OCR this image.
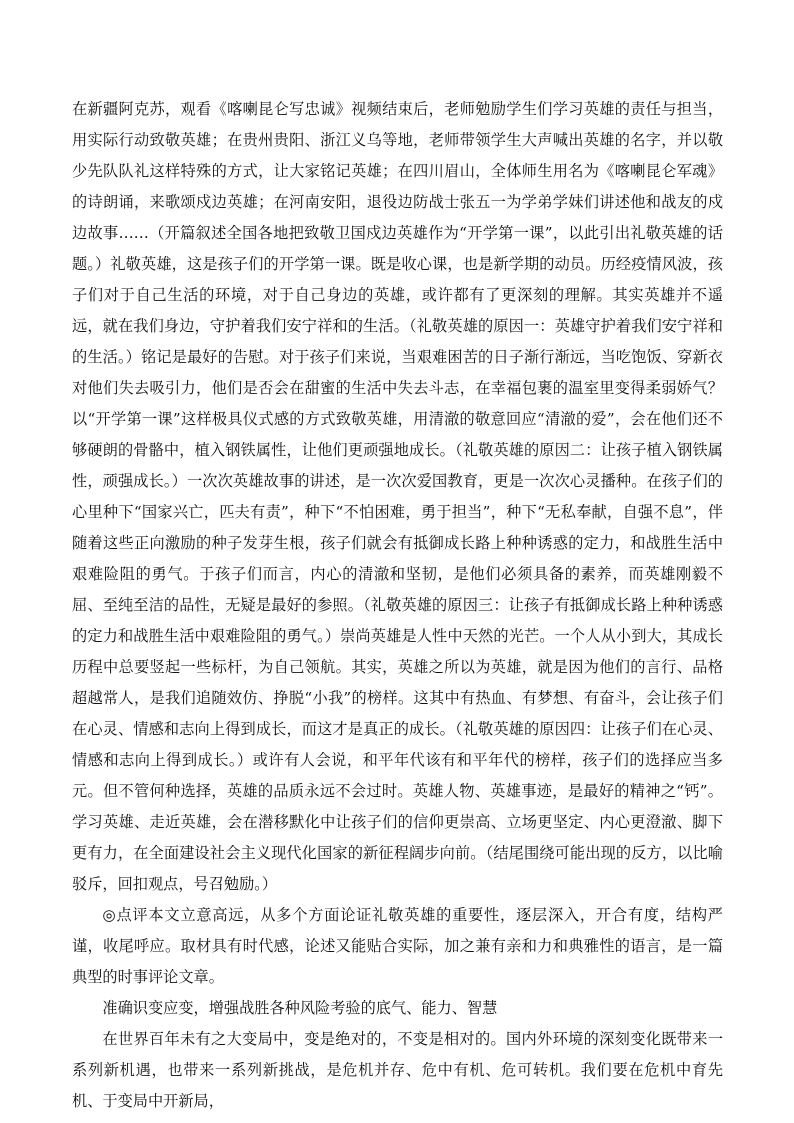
在新疆阿克苏，观看《喀喇昆仑写忠诚》视频结束后，老师勉励学生们学习英雄的责任与担当，用实际行动致敬英雄；在贵州贵阳、浙江义乌等地，老师带领学生大声喊出英雄的名字，并以敬少先队队礼这样特殊的方式，让大家铭记英雄；在四川眉山，全体师生用名为《喀喇昆仑军魂》的诗朗诵，来歌颂戍边英雄；在河南安阳，退役边防战士张五一为学弟学妹们讲述他和战友的戍边故事……（开篇叙述全国各地把致敬卫国戍边英雄作为“开学第一课”，以此引出礼敬英雄的话题。）礼敬英雄，这是孩子们的开学第一课。既是收心课，也是新学期的动员。历经疫情风波，孩子们对于自己生活的环境，对于自己身边的英雄，或许都有了更深刻的理解。其实英雄并不遥远，就在我们身边，守护着我们安宁祥和的生活。（礼敬英雄的原因一：英雄守护着我们安宁祥和的生活。）铭记是最好的告慰。对于孩子们来说，当艰难困苦的日子渐行渐远，当吃饱饭、穿新衣对他们失去吸引力，他们是否会在甜蜜的生活中失去斗志，在幸福包裹的温室里变得柔弱娇气？以“开学第一课”这样极具仪式感的方式致敬英雄，用清澈的敬意回应“清澈的爱”，会在他们还不够硬朗的骨骼中，植入钢铁属性，让他们更顽强地成长。（礼敬英雄的原因二：让孩子植入钢铁属性，顽强成长。）一次次英雄故事的讲述，是一次次爱国教育，更是一次次心灵播种。在孩子们的心里种下“国家兴亡，匹夫有责”，种下“不怕困难，勇于担当”，种下“无私奉献，自强不息”，伴随着这些正向激励的种子发芽生根，孩子们就会有抵御成长路上种种诱惑的定力，和战胜生活中艰难险阻的勇气。于孩子们而言，内心的清澈和坚韧，是他们必须具备的素养，而英雄刚毅不屈、至纯至洁的品性，无疑是最好的参照。（礼敬英雄的原因三：让孩子有抵御成长路上种种诱惑的定力和战胜生活中艰难险阻的勇气。）崇尚英雄是人性中天然的光芒。一个人从小到大，其成长历程中总要竖起一些标杆，为自己领航。其实，英雄之所以为英雄，就是因为他们的言行、品格超越常人，是我们追随效仿、挣脱“小我”的榜样。这其中有热血、有梦想、有奋斗，会让孩子们在心灵、情感和志向上得到成长，而这才是真正的成长。（礼敬英雄的原因四：让孩子们在心灵、情感和志向上得到成长。）或许有人会说，和平年代该有和平年代的榜样，孩子们的选择应当多元。但不管何种选择，英雄的品质永远不会过时。英雄人物、英雄事迹，是最好的精神之“钙”。学习英雄、走近英雄，会在潜移默化中让孩子们的信仰更崇高、立场更坚定、内心更澄澈、脚下更有力，在全面建设社会主义现代化国家的新征程阔步向前。（结尾围绕可能出现的反方，以比喻驳斥，回扣观点，号召勉励。）

◎点评本文立意高远，从多个方面论证礼敬英雄的重要性，逐层深入，开合有度，结构严谨，收尾呼应。取材具有时代感，论述又能贴合实际，加之兼有亲和力和典雅性的语言，是一篇典型的时事评论文章。

准确识变应变，增强战胜各种风险考验的底气、能力、智慧

在世界百年未有之大变局中，变是绝对的，不变是相对的。国内外环境的深刻变化既带来一系列新机遇，也带来一系列新挑战，是危机并存、危中有机、危可转机。我们要在危机中育先机、于变局中开新局，
